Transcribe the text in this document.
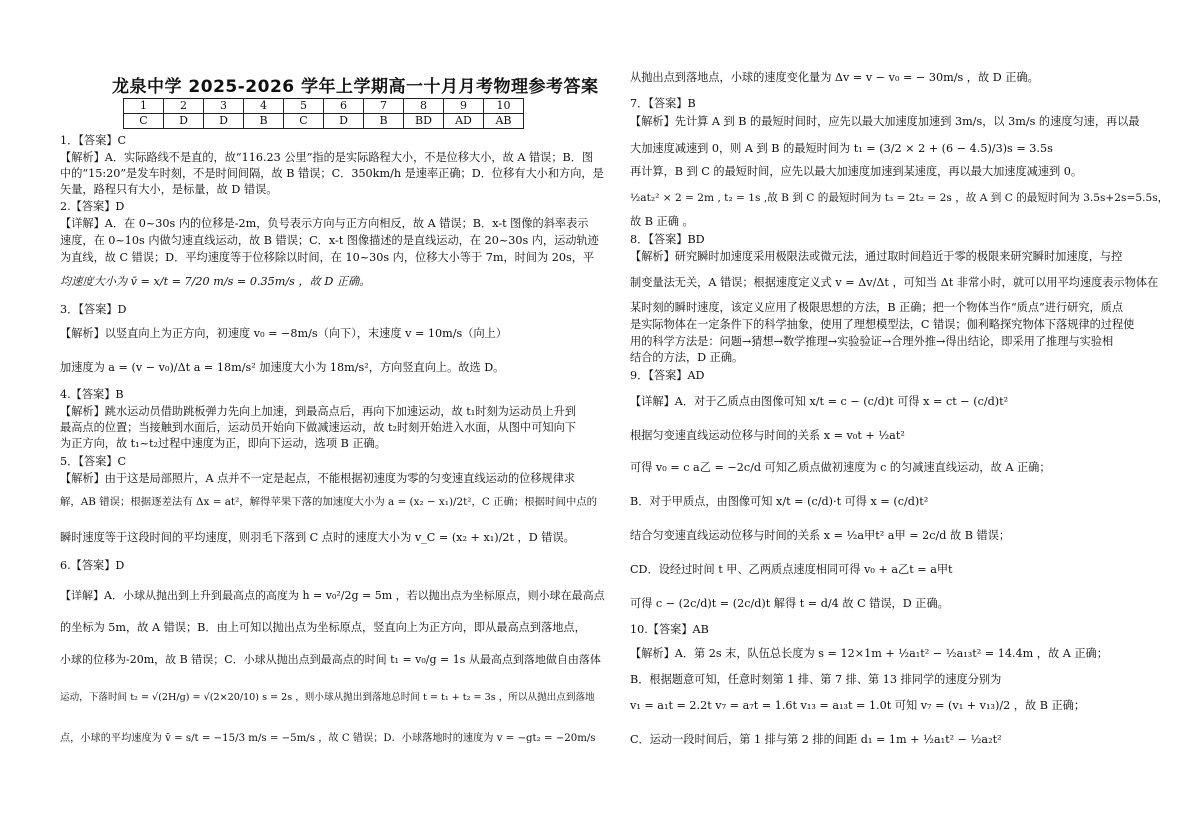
龙泉中学 2025-2026 学年上学期高一十月月考物理参考答案
1	2	3	4	5	6	7	8	9	10
C	D	D	B	C	D	B	BD	AD	AB
1．【答案】C
【解析】A．实际路线不是直的，故“116.23 公里”指的是实际路程大小，不是位移大小，故 A 错误；B．图
中的“15:20”是发车时刻，不是时间间隔，故 B 错误；C．350km/h 是速率正确；D．位移有大小和方向，是
矢量，路程只有大小，是标量，故 D 错误。
2.【答案】D
【详解】A．在 0~30s 内的位移是-2m，负号表示方向与正方向相反，故 A 错误；B．x-t 图像的斜率表示
速度，在 0~10s 内做匀速直线运动，故 B 错误；C．x-t 图像描述的是直线运动，在 20~30s 内，运动轨迹
为直线，故 C 错误；D．平均速度等于位移除以时间，在 10~30s 内，位移大小等于 7m，时间为 20s，平
均速度大小为 v̄ = x/t = 7/20 m/s = 0.35m/s ，故 D 正确。
3．【答案】D
【解析】以竖直向上为正方向，初速度 v₀ = −8m/s（向下），末速度 v = 10m/s（向上）
加速度为 a = (v − v₀)/Δt a = 18m/s² 加速度大小为 18m/s²，方向竖直向上。故选 D。
4.【答案】B
【解析】跳水运动员借助跳板弹力先向上加速，到最高点后，再向下加速运动，故 t₁时刻为运动员上升到
最高点的位置；当接触到水面后，运动员开始向下做减速运动，故 t₂时刻开始进入水面，从图中可知向下
为正方向，故 t₁~t₂过程中速度为正，即向下运动，选项 B 正确。
5．【答案】C
【解析】由于这是局部照片，A 点并不一定是起点，不能根据初速度为零的匀变速直线运动的位移规律求
解，AB 错误；根据逐差法有 Δx = at²，解得苹果下落的加速度大小为 a = (x₂ − x₁)/2t²，C 正确；根据时间中点的
瞬时速度等于这段时间的平均速度，则羽毛下落到 C 点时的速度大小为 v_C = (x₂ + x₁)/2t ，D 错误。
6.【答案】D
【详解】A．小球从抛出到上升到最高点的高度为 h = v₀²/2g = 5m ，若以抛出点为坐标原点，则小球在最高点
的坐标为 5m，故 A 错误；B．由上可知以抛出点为坐标原点，竖直向上为正方向，即从最高点到落地点，
小球的位移为-20m，故 B 错误；C．小球从抛出点到最高点的时间 t₁ = v₀/g = 1s 从最高点到落地做自由落体
运动，下落时间 t₂ = √(2H/g) = √(2×20/10) s = 2s ，则小球从抛出到落地总时间 t = t₁ + t₂ = 3s ，所以从抛出点到落地
点，小球的平均速度为 v̄ = s/t = −15/3 m/s = −5m/s ，故 C 错误；D．小球落地时的速度为 v = −gt₂ = −20m/s
从抛出点到落地点，小球的速度变化量为 Δv = v − v₀ = − 30m/s ，故 D 正确。
7．【答案】B
【解析】先计算 A 到 B 的最短时间时，应先以最大加速度加速到 3m/s，以 3m/s 的速度匀速，再以最
大加速度减速到 0，则 A 到 B 的最短时间为 t₁ = (3/2 × 2 + (6 − 4.5)/3)s = 3.5s
再计算，B 到 C 的最短时间，应先以最大加速度加速到某速度，再以最大加速度减速到 0。
½at₂² × 2 = 2m , t₂ = 1s ,故 B 到 C 的最短时间为 t₃ = 2t₂ = 2s ，故 A 到 C 的最短时间为 3.5s+2s=5.5s，
故 B 正确 。
8．【答案】BD
【解析】研究瞬时加速度采用极限法或微元法，通过取时间趋近于零的极限来研究瞬时加速度，与控
制变量法无关，A 错误；根据速度定义式 v = Δv/Δt ，可知当 Δt 非常小时，就可以用平均速度表示物体在
某时刻的瞬时速度，该定义应用了极限思想的方法，B 正确；把一个物体当作“质点”进行研究，质点
是实际物体在一定条件下的科学抽象，使用了理想模型法，C 错误；伽利略探究物体下落规律的过程使
用的科学方法是：问题→猜想→数学推理→实验验证→合理外推→得出结论，即采用了推理与实验相
结合的方法，D 正确。
9．【答案】AD
【详解】A．对于乙质点由图像可知 x/t = c − (c/d)t 可得 x = ct − (c/d)t²
根据匀变速直线运动位移与时间的关系 x = v₀t + ½at²
可得 v₀ = c a乙 = −2c/d 可知乙质点做初速度为 c 的匀减速直线运动，故 A 正确；
B．对于甲质点，由图像可知 x/t = (c/d)·t 可得 x = (c/d)t²
结合匀变速直线运动位移与时间的关系 x = ½a甲t² a甲 = 2c/d 故 B 错误；
CD．设经过时间 t 甲、乙两质点速度相同可得 v₀ + a乙t = a甲t
可得 c − (2c/d)t = (2c/d)t 解得 t = d/4 故 C 错误，D 正确。
10.【答案】AB
【解析】A．第 2s 末，队伍总长度为 s = 12×1m + ½a₁t² − ½a₁₃t² = 14.4m ，故 A 正确；
B．根据题意可知，任意时刻第 1 排、第 7 排、第 13 排同学的速度分别为
v₁ = a₁t = 2.2t v₇ = a₇t = 1.6t v₁₃ = a₁₃t = 1.0t 可知 v₇ = (v₁ + v₁₃)/2 ，故 B 正确；
C．运动一段时间后，第 1 排与第 2 排的间距 d₁ = 1m + ½a₁t² − ½a₂t²
